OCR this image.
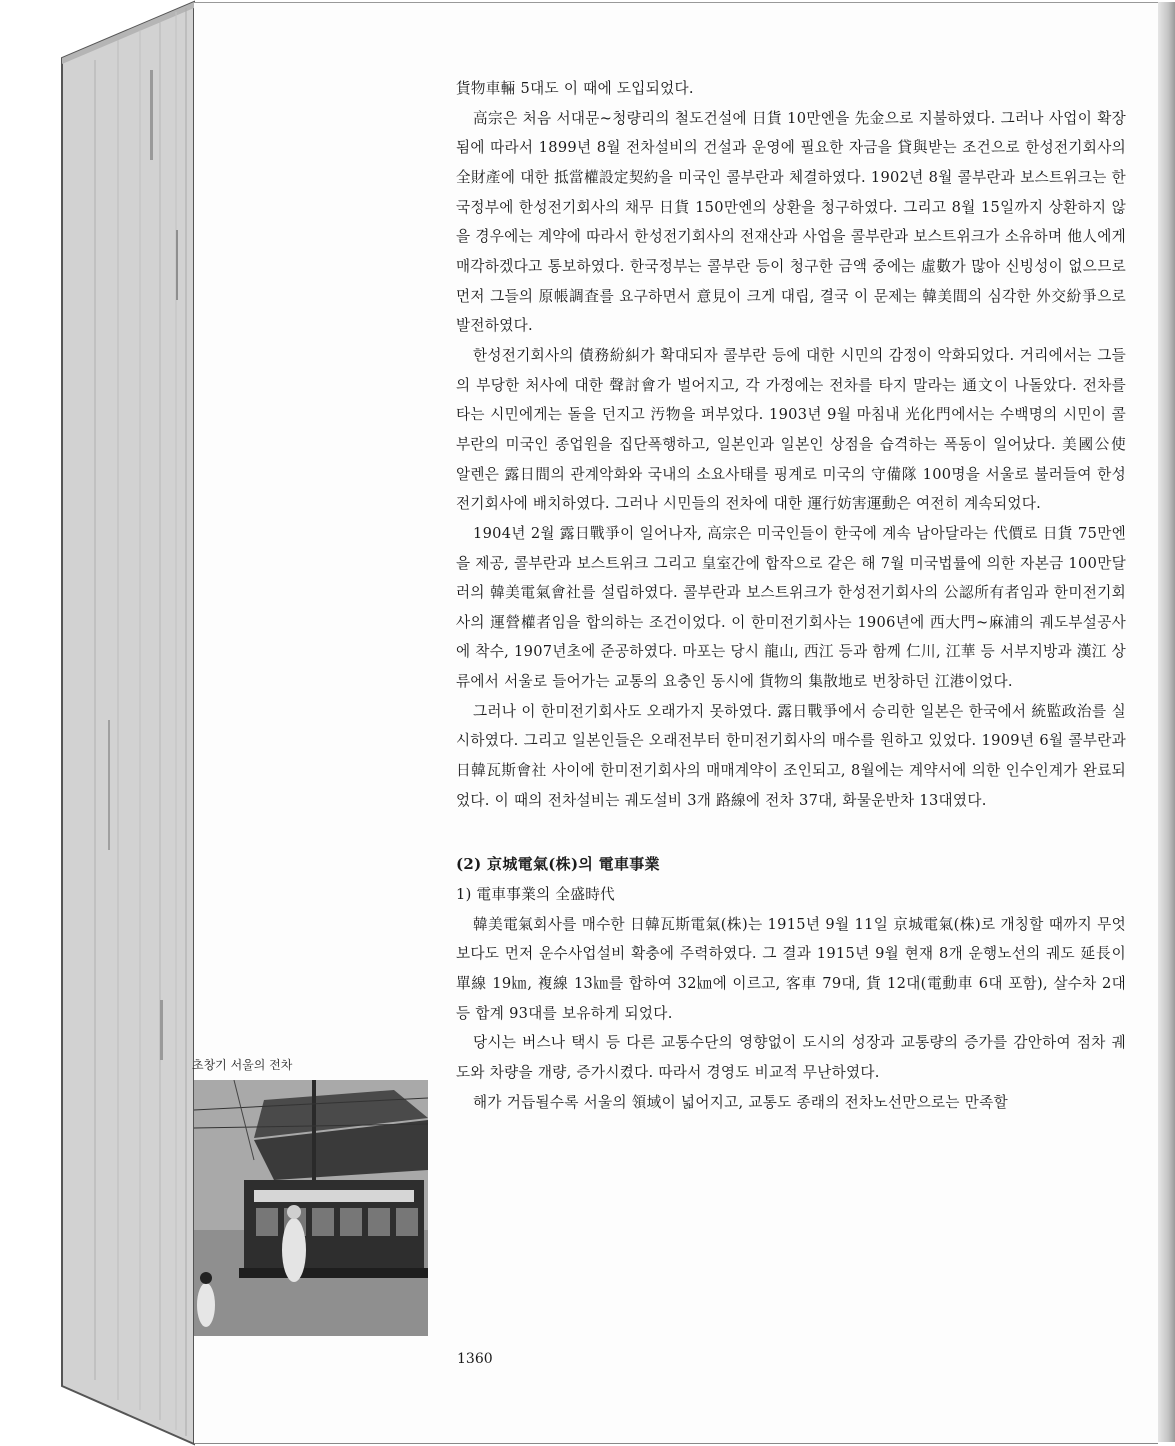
貨物車輛 5대도 이 때에 도입되었다.

高宗은 처음 서대문~청량리의 철도건설에 日貨 10만엔을 先金으로 지불하였다. 그러나 사업이 확장됨에 따라서 1899년 8월 전차설비의 건설과 운영에 필요한 자금을 貸與받는 조건으로 한성전기회사의 全財產에 대한 抵當權設定契約을 미국인 콜부란과 체결하였다. 1902년 8월 콜부란과 보스트위크는 한국정부에 한성전기회사의 채무 日貨 150만엔의 상환을 청구하였다. 그리고 8월 15일까지 상환하지 않을 경우에는 계약에 따라서 한성전기회사의 전재산과 사업을 콜부란과 보스트위크가 소유하며 他人에게 매각하겠다고 통보하였다. 한국정부는 콜부란 등이 청구한 금액 중에는 虛數가 많아 신빙성이 없으므로 먼저 그들의 原帳調査를 요구하면서 意見이 크게 대립, 결국 이 문제는 韓美間의 심각한 外交紛爭으로 발전하였다.

한성전기회사의 債務紛糾가 확대되자 콜부란 등에 대한 시민의 감정이 악화되었다. 거리에서는 그들의 부당한 처사에 대한 聲討會가 벌어지고, 각 가정에는 전차를 타지 말라는 通文이 나돌았다. 전차를 타는 시민에게는 돌을 던지고 汚物을 퍼부었다. 1903년 9월 마침내 光化門에서는 수백명의 시민이 콜부란의 미국인 종업원을 집단폭행하고, 일본인과 일본인 상점을 습격하는 폭동이 일어났다. 美國公使 알렌은 露日間의 관계악화와 국내의 소요사태를 핑계로 미국의 守備隊 100명을 서울로 불러들여 한성전기회사에 배치하였다. 그러나 시민들의 전차에 대한 運行妨害運動은 여전히 계속되었다.

1904년 2월 露日戰爭이 일어나자, 高宗은 미국인들이 한국에 계속 남아달라는 代價로 日貨 75만엔을 제공, 콜부란과 보스트위크 그리고 皇室간에 합작으로 같은 해 7월 미국법률에 의한 자본금 100만달러의 韓美電氣會社를 설립하였다. 콜부란과 보스트위크가 한성전기회사의 公認所有者임과 한미전기회사의 運營權者임을 합의하는 조건이었다. 이 한미전기회사는 1906년에 西大門~麻浦의 궤도부설공사에 착수, 1907년초에 준공하였다. 마포는 당시 龍山, 西江 등과 함께 仁川, 江華 등 서부지방과 漢江 상류에서 서울로 들어가는 교통의 요충인 동시에 貨物의 集散地로 번창하던 江港이었다.

그러나 이 한미전기회사도 오래가지 못하였다. 露日戰爭에서 승리한 일본은 한국에서 統監政治를 실시하였다. 그리고 일본인들은 오래전부터 한미전기회사의 매수를 원하고 있었다. 1909년 6월 콜부란과 日韓瓦斯會社 사이에 한미전기회사의 매매계약이 조인되고, 8월에는 계약서에 의한 인수인계가 완료되었다. 이 때의 전차설비는 궤도설비 3개 路線에 전차 37대, 화물운반차 13대였다.

(2) 京城電氣(株)의 電車事業

1) 電車事業의 全盛時代

韓美電氣회사를 매수한 日韓瓦斯電氣(株)는 1915년 9월 11일 京城電氣(株)로 개칭할 때까지 무엇보다도 먼저 운수사업설비 확충에 주력하였다. 그 결과 1915년 9월 현재 8개 운행노선의 궤도 延長이 單線 19㎞, 複線 13㎞를 합하여 32㎞에 이르고, 客車 79대, 貨 12대(電動車 6대 포함), 살수차 2대 등 합계 93대를 보유하게 되었다.

당시는 버스나 택시 등 다른 교통수단의 영향없이 도시의 성장과 교통량의 증가를 감안하여 점차 궤도와 차량을 개량, 증가시켰다. 따라서 경영도 비교적 무난하였다.

해가 거듭될수록 서울의 領域이 넓어지고, 교통도 종래의 전차노선만으로는 만족할

초창기 서울의 전차
1360
